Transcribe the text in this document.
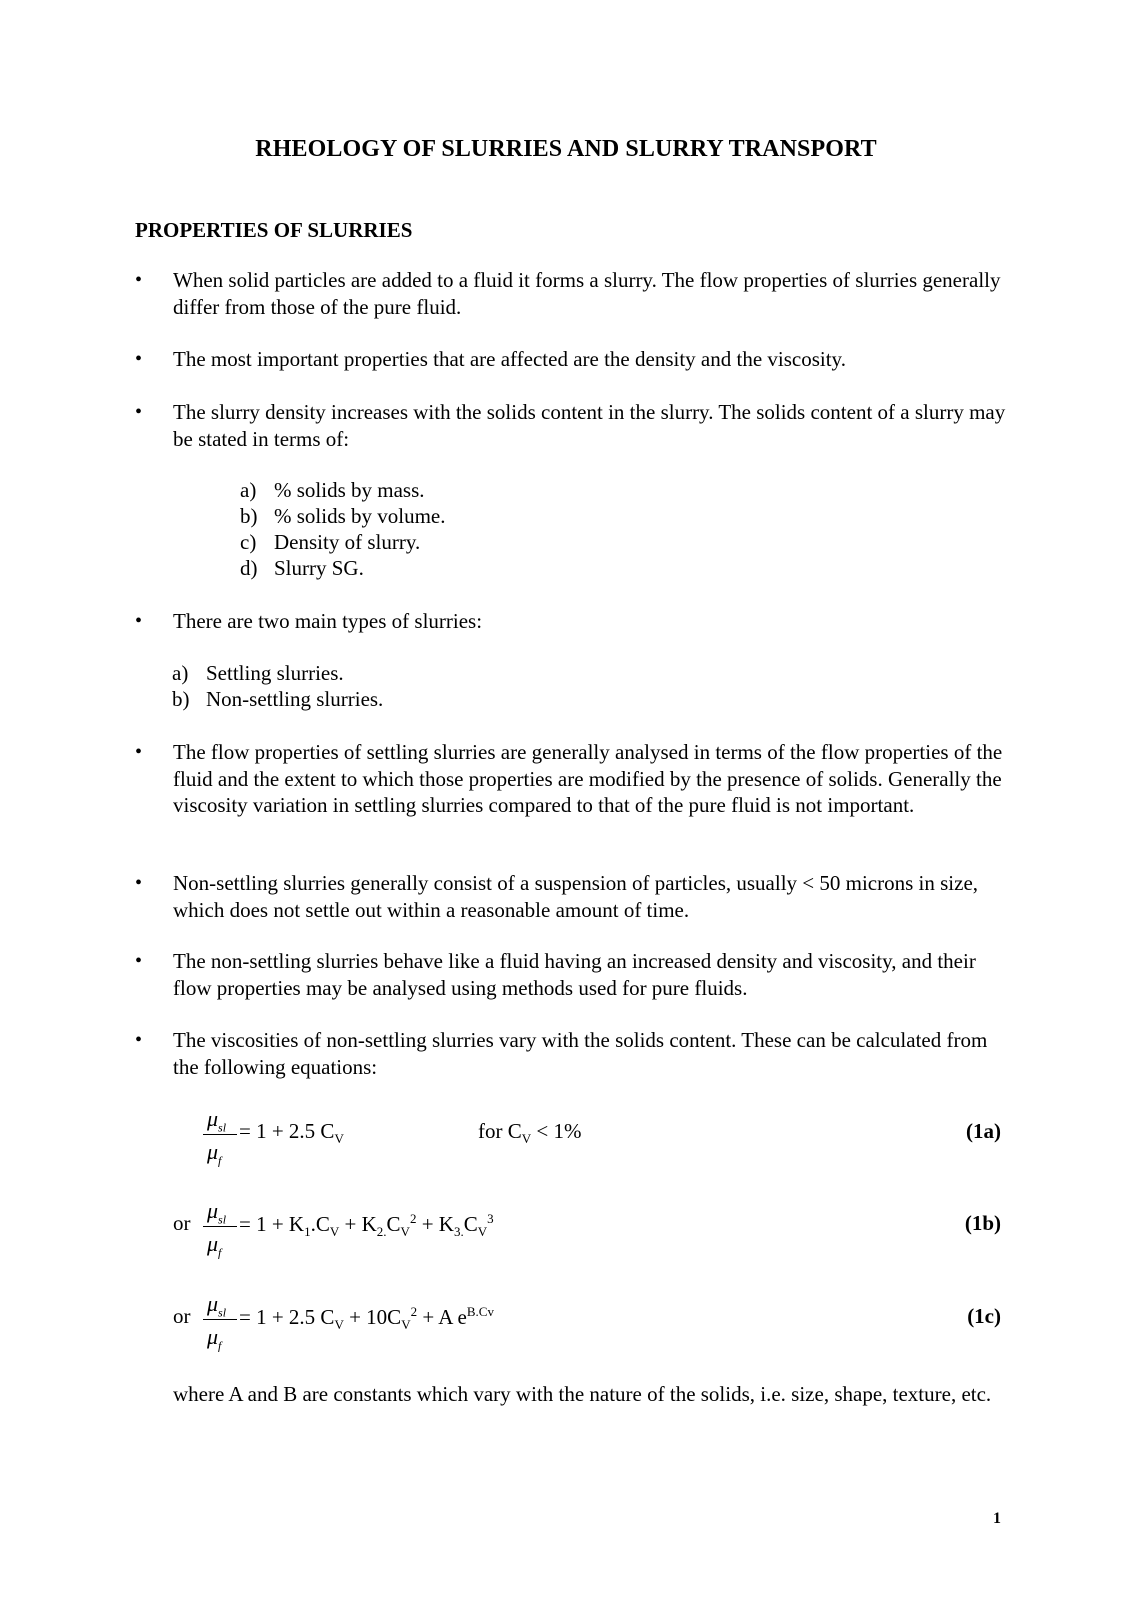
RHEOLOGY OF SLURRIES AND SLURRY TRANSPORT
PROPERTIES OF SLURRIES
• When solid particles are added to a fluid it forms a slurry. The flow properties of slurries generally differ from those of the pure fluid.
• The most important properties that are affected are the density and the viscosity.
• The slurry density increases with the solids content in the slurry. The solids content of a slurry may be stated in terms of:
a) % solids by mass.
b) % solids by volume.
c) Density of slurry.
d) Slurry SG.
• There are two main types of slurries:
a) Settling slurries.
b) Non-settling slurries.
• The flow properties of settling slurries are generally analysed in terms of the flow properties of the fluid and the extent to which those properties are modified by the presence of solids. Generally the viscosity variation in settling slurries compared to that of the pure fluid is not important.
• Non-settling slurries generally consist of a suspension of particles, usually < 50 microns in size, which does not settle out within a reasonable amount of time.
• The non-settling slurries behave like a fluid having an increased density and viscosity, and their flow properties may be analysed using methods used for pure fluids.
• The viscosities of non-settling slurries vary with the solids content. These can be calculated from the following equations:
$\mu_{sl}$
$\mu_f$
= 1 + 2.5 $C_V$	for $C_V < 1\%$	(1a)
or $\mu_{sl}$
$\mu_f$
= $1 + K_1.C_V + K_{2.}C_V^2 + K_{3.}C_V^3$	(1b)
or $\mu_{sl}$
$\mu_f$
= 1 + 2.5 $C_V + 10C_V^2 + A$ $e^{B.Cv}$	(1c)
where A and B are constants which vary with the nature of the solids, i.e. size, shape, texture, etc.
1
